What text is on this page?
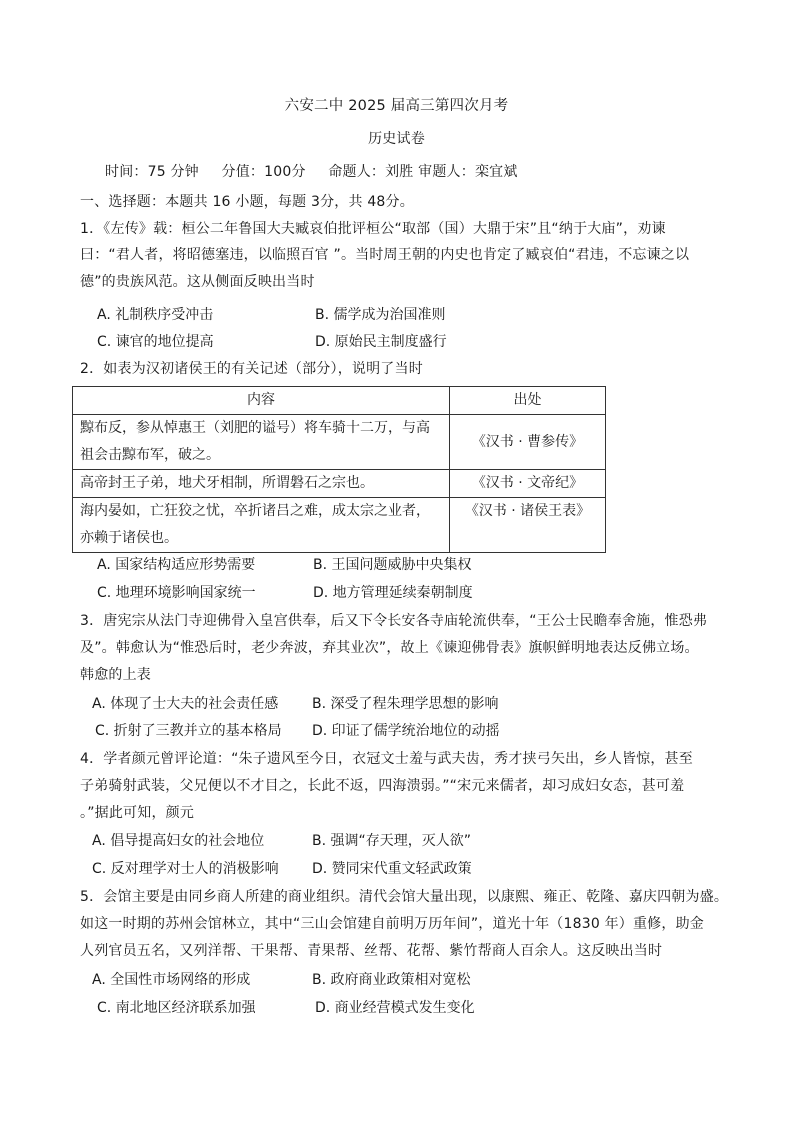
六安二中 2025 届高三第四次月考
历史试卷
时间：75 分钟 分值：100分 命题人：刘胜 审题人：栾宜斌
一、选择题：本题共 16 小题，每题 3分，共 48分。
1．《左传》载：桓公二年鲁国大夫臧哀伯批评桓公“取部（国）大鼎于宋”且“纳于大庙”，劝谏
曰：“君人者，将昭德塞违，以临照百官 ”。当时周王朝的内史也肯定了臧哀伯“君违，不忘谏之以
德”的贵族风范。这从侧面反映出当时
A. 礼制秩序受冲击	B. 儒学成为治国准则
C. 谏官的地位提高	D. 原始民主制度盛行
2．如表为汉初诸侯王的有关记述（部分），说明了当时
内容	出处

黥布反，参从悼惠王（刘肥的谥号）将车骑十二万，与高
祖会击黥布军，破之。	《汉书 · 曹参传》

高帝封王子弟，地犬牙相制，所谓磐石之宗也。	《汉书 · 文帝纪》

海内晏如，亡狂狡之忧，卒折诸吕之难，成太宗之业者，
亦赖于诸侯也。	《汉书 · 诸侯王表》
A. 国家结构适应形势需要	B. 王国问题威胁中央集权
C. 地理环境影响国家统一	D. 地方管理延续秦朝制度
3．唐宪宗从法门寺迎佛骨入皇宫供奉，后又下令长安各寺庙轮流供奉，“王公士民瞻奉舍施，惟恐弗
及”。韩愈认为“惟恐后时，老少奔波，弃其业次”，故上《谏迎佛骨表》旗帜鲜明地表达反佛立场。
韩愈的上表
A. 体现了士大夫的社会责任感 B. 深受了程朱理学思想的影响
C. 折射了三教并立的基本格局 D. 印证了儒学统治地位的动摇
4．学者颜元曾评论道：“朱子遗风至今日，衣冠文士羞与武夫齿，秀才挟弓矢出，乡人皆惊，甚至
子弟骑射武装，父兄便以不才目之，长此不返，四海溃弱。”“宋元来儒者，却习成妇女态，甚可羞
。”据此可知，颜元
A. 倡导提高妇女的社会地位	B. 强调“存天理，灭人欲”
C. 反对理学对士人的消极影响 D. 赞同宋代重文轻武政策
5．会馆主要是由同乡商人所建的商业组织。清代会馆大量出现，以康熙、雍正、乾隆、嘉庆四朝为盛。
如这一时期的苏州会馆林立，其中“三山会馆建自前明万历年间”，道光十年（1830 年）重修，助金
人列官员五名，又列洋帮、干果帮、青果帮、丝帮、花帮、紫竹帮商人百余人。这反映出当时
A. 全国性市场网络的形成	B. 政府商业政策相对宽松
C. 南北地区经济联系加强	D. 商业经营模式发生变化
